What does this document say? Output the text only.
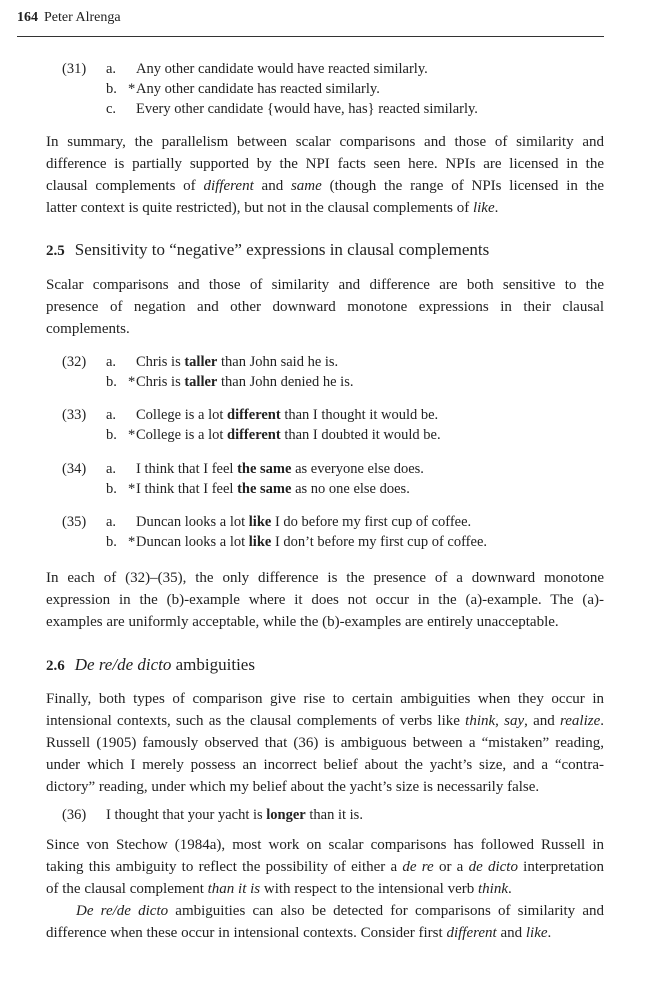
164 Peter Alrenga
(31) a. Any other candidate would have reacted similarly.
b. * Any other candidate has reacted similarly.
c. Every other candidate {would have, has} reacted similarly.
In summary, the parallelism between scalar comparisons and those of similarity and
difference is partially supported by the NPI facts seen here. NPIs are licensed in the
clausal complements of different and same (though the range of NPIs licensed in the
latter context is quite restricted), but not in the clausal complements of like.
2.5 Sensitivity to “negative” expressions in clausal complements
Scalar comparisons and those of similarity and difference are both sensitive to the
presence of negation and other downward monotone expressions in their clausal
complements.
(32) a. Chris is taller than John said he is.
b. * Chris is taller than John denied he is.
(33) a. College is a lot different than I thought it would be.
b. * College is a lot different than I doubted it would be.
(34) a. I think that I feel the same as everyone else does.
b. * I think that I feel the same as no one else does.
(35) a. Duncan looks a lot like I do before my first cup of coffee.
b. * Duncan looks a lot like I don’t before my first cup of coffee.
In each of (32)–(35), the only difference is the presence of a downward monotone
expression in the (b)-example where it does not occur in the (a)-example. The (a)-
examples are uniformly acceptable, while the (b)-examples are entirely unacceptable.
2.6 De re/de dicto ambiguities
Finally, both types of comparison give rise to certain ambiguities when they occur in
intensional contexts, such as the clausal complements of verbs like think, say, and realize.
Russell (1905) famously observed that (36) is ambiguous between a “mistaken” reading,
under which I merely possess an incorrect belief about the yacht’s size, and a “contra-
dictory” reading, under which my belief about the yacht’s size is necessarily false.
(36) I thought that your yacht is longer than it is.
Since von Stechow (1984a), most work on scalar comparisons has followed Russell in
taking this ambiguity to reflect the possibility of either a de re or a de dicto interpretation
of the clausal complement than it is with respect to the intensional verb think.
De re/de dicto ambiguities can also be detected for comparisons of similarity and
difference when these occur in intensional contexts. Consider first different and like.
